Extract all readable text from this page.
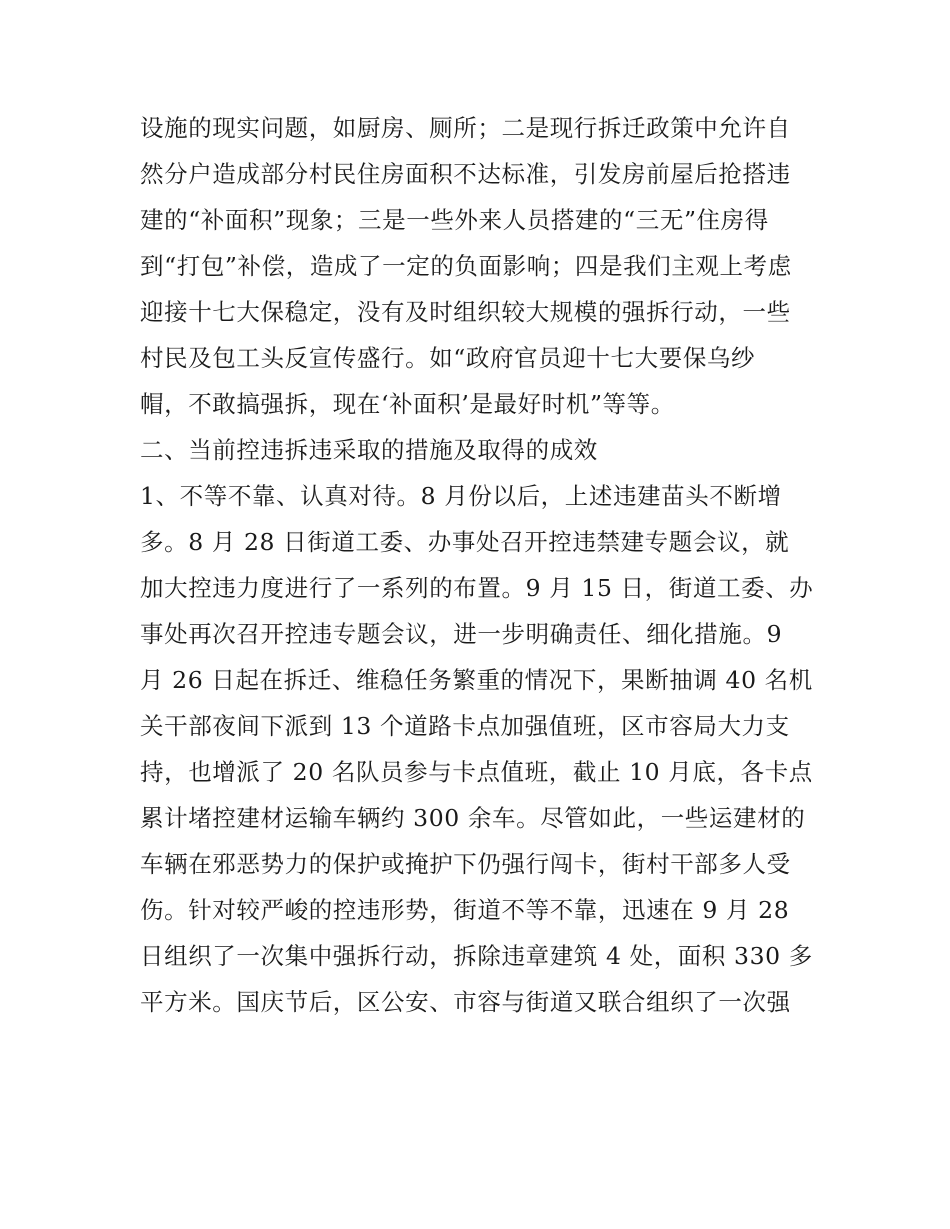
设施的现实问题，如厨房、厕所；二是现行拆迁政策中允许自
然分户造成部分村民住房面积不达标准，引发房前屋后抢搭违
建的“补面积”现象；三是一些外来人员搭建的“三无”住房得
到“打包”补偿，造成了一定的负面影响；四是我们主观上考虑
迎接十七大保稳定，没有及时组织较大规模的强拆行动，一些
村民及包工头反宣传盛行。如“政府官员迎十七大要保乌纱
帽，不敢搞强拆，现在‘补面积’是最好时机”等等。
二、当前控违拆违采取的措施及取得的成效
1、不等不靠、认真对待。8 月份以后，上述违建苗头不断增
多。8 月 28 日街道工委、办事处召开控违禁建专题会议，就
加大控违力度进行了一系列的布置。9 月 15 日，街道工委、办
事处再次召开控违专题会议，进一步明确责任、细化措施。9
月 26 日起在拆迁、维稳任务繁重的情况下，果断抽调 40 名机
关干部夜间下派到 13 个道路卡点加强值班，区市容局大力支
持，也增派了 20 名队员参与卡点值班，截止 10 月底，各卡点
累计堵控建材运输车辆约 300 余车。尽管如此，一些运建材的
车辆在邪恶势力的保护或掩护下仍强行闯卡，街村干部多人受
伤。针对较严峻的控违形势，街道不等不靠，迅速在 9 月 28
日组织了一次集中强拆行动，拆除违章建筑 4 处，面积 330 多
平方米。国庆节后，区公安、市容与街道又联合组织了一次强
